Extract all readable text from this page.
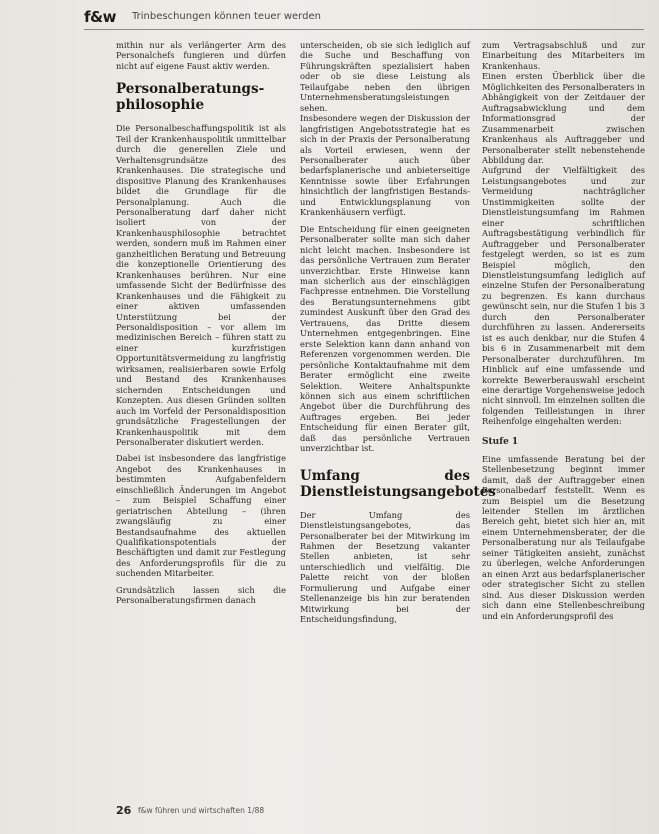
f&w Trinbeschungen können teuer werden

mithin nur als verlängerter Arm des Personalchefs fungieren und dürfen nicht auf eigene Faust aktiv werden.

Personalberatungs-philosophie

Die Personalbeschaffungspolitik ist als Teil der Krankenhauspolitik unmittelbar durch die generellen Ziele und Verhaltensgrundsätze des Krankenhauses. Die strategische und dispositive Planung des Krankenhauses bildet die Grundlage für die Personalplanung. Auch die Personalberatung darf daher nicht isoliert von der Krankenhausphilosophie betrachtet werden, sondern muß im Rahmen einer ganzheitlichen Beratung und Betreuung die konzeptionelle Orientierung des Krankenhauses berühren. Nur eine umfassende Sicht der Bedürfnisse des Krankenhauses und die Fähigkeit zu einer aktiven umfassenden Unterstützung bei der Personaldisposition – vor allem im medizinischen Bereich – führen statt zu einer kurzfristigen Opportunitätsvermeidung zu langfristig wirksamen, realisierbaren sowie Erfolg und Bestand des Krankenhauses sichernden Entscheidungen und Konzepten. Aus diesen Gründen sollten auch im Vorfeld der Personaldisposition grundsätzliche Fragestellungen der Krankenhauspolitik mit dem Personalberater diskutiert werden.

Dabei ist insbesondere das langfristige Angebot des Krankenhauses in bestimmten Aufgabenfeldern einschließlich Änderungen im Angebot – zum Beispiel Schaffung einer geriatrischen Abteilung – (ihren zwangsläufig zu einer Bestandsaufnahme des aktuellen Qualifikationspotentials der Beschäftigten und damit zur Festlegung des Anforderungsprofils für die zu suchenden Mitarbeiter.

Grundsätzlich lassen sich die Personalberatungsfirmen danach

unterscheiden, ob sie sich lediglich auf die Suche und Beschaffung von Führungskräften spezialisiert haben oder ob sie diese Leistung als Teilaufgabe neben den übrigen Unternehmensberatungsleistungen sehen.

Insbesondere wegen der Diskussion der langfristigen Angebotsstrategie hat es sich in der Praxis der Personalberatung als Vorteil erwiesen, wenn der Personalberater auch über bedarfsplanerische und anbieterseitige Kenntnisse sowie über Erfahrungen hinsichtlich der langfristigen Bestands- und Entwicklungsplanung von Krankenhäusern verfügt.

Die Entscheidung für einen geeigneten Personalberater sollte man sich daher nicht leicht machen. Insbesondere ist das persönliche Vertrauen zum Berater unverzichtbar. Erste Hinweise kann man sicherlich aus der einschlägigen Fachpresse entnehmen. Die Vorstellung des Beratungsunternehmens gibt zumindest Auskunft über den Grad des Vertrauens, das Dritte diesem Unternehmen entgegenbringen. Eine erste Selektion kann dann anhand von Referenzen vorgenommen werden. Die persönliche Kontaktaufnahme mit dem Berater ermöglicht eine zweite Selektion. Weitere Anhaltspunkte können sich aus einem schriftlichen Angebot über die Durchführung des Auftrages ergeben. Bei jeder Entscheidung für einen Berater gilt, daß das persönliche Vertrauen unverzichtbar ist.

Umfang des Dienstleistungsangebotes

Der Umfang des Dienstleistungsangebotes, das Personalberater bei der Mitwirkung im Rahmen der Besetzung vakanter Stellen anbieten, ist sehr unterschiedlich und vielfältig. Die Palette reicht von der bloßen Formulierung und Aufgabe einer Stellenanzeige bis hin zur beratenden Mitwirkung bei der Entscheidungsfindung,

zum Vertragsabschluß und zur Einarbeitung des Mitarbeiters im Krankenhaus.

Einen ersten Überblick über die Möglichkeiten des Personalberaters in Abhängigkeit von der Zeitdauer der Auftragsabwicklung und dem Informationsgrad der Zusammenarbeit zwischen Krankenhaus als Auftraggeber und Personalberater stellt nebenstehende Abbildung dar.

Aufgrund der Vielfältigkeit des Leistungsangebotes und zur Vermeidung nachträglicher Unstimmigkeiten sollte der Dienstleistungsumfang im Rahmen einer schriftlichen Auftragsbestätigung verbindlich für Auftraggeber und Personalberater festgelegt werden, so ist es zum Beispiel möglich, den Dienstleistungsumfang lediglich auf einzelne Stufen der Personalberatung zu begrenzen. Es kann durchaus gewünscht sein, nur die Stufen 1 bis 3 durch den Personalberater durchführen zu lassen. Andererseits ist es auch denkbar, nur die Stufen 4 bis 6 in Zusammenarbeit mit dem Personalberater durchzuführen. Im Hinblick auf eine umfassende und korrekte Bewerberauswahl erscheint eine derartige Vorgehensweise jedoch nicht sinnvoll. Im einzelnen sollten die folgenden Teilleistungen in ihrer Reihenfolge eingehalten werden:

Stufe 1

Eine umfassende Beratung bei der Stellenbesetzung beginnt immer damit, daß der Auftraggeber einen Personalbedarf feststellt. Wenn es zum Beispiel um die Besetzung leitender Stellen im ärztlichen Bereich geht, bietet sich hier an, mit einem Unternehmensberater, der die Personalberatung nur als Teilaufgabe seiner Tätigkeiten ansieht, zunächst zu überlegen, welche Anforderungen an einen Arzt aus bedarfsplanerischer oder strategischer Sicht zu stellen sind. Aus dieser Diskussion werden sich dann eine Stellenbeschreibung und ein Anforderungsprofil des

26 f&w führen und wirtschaften 1/88
